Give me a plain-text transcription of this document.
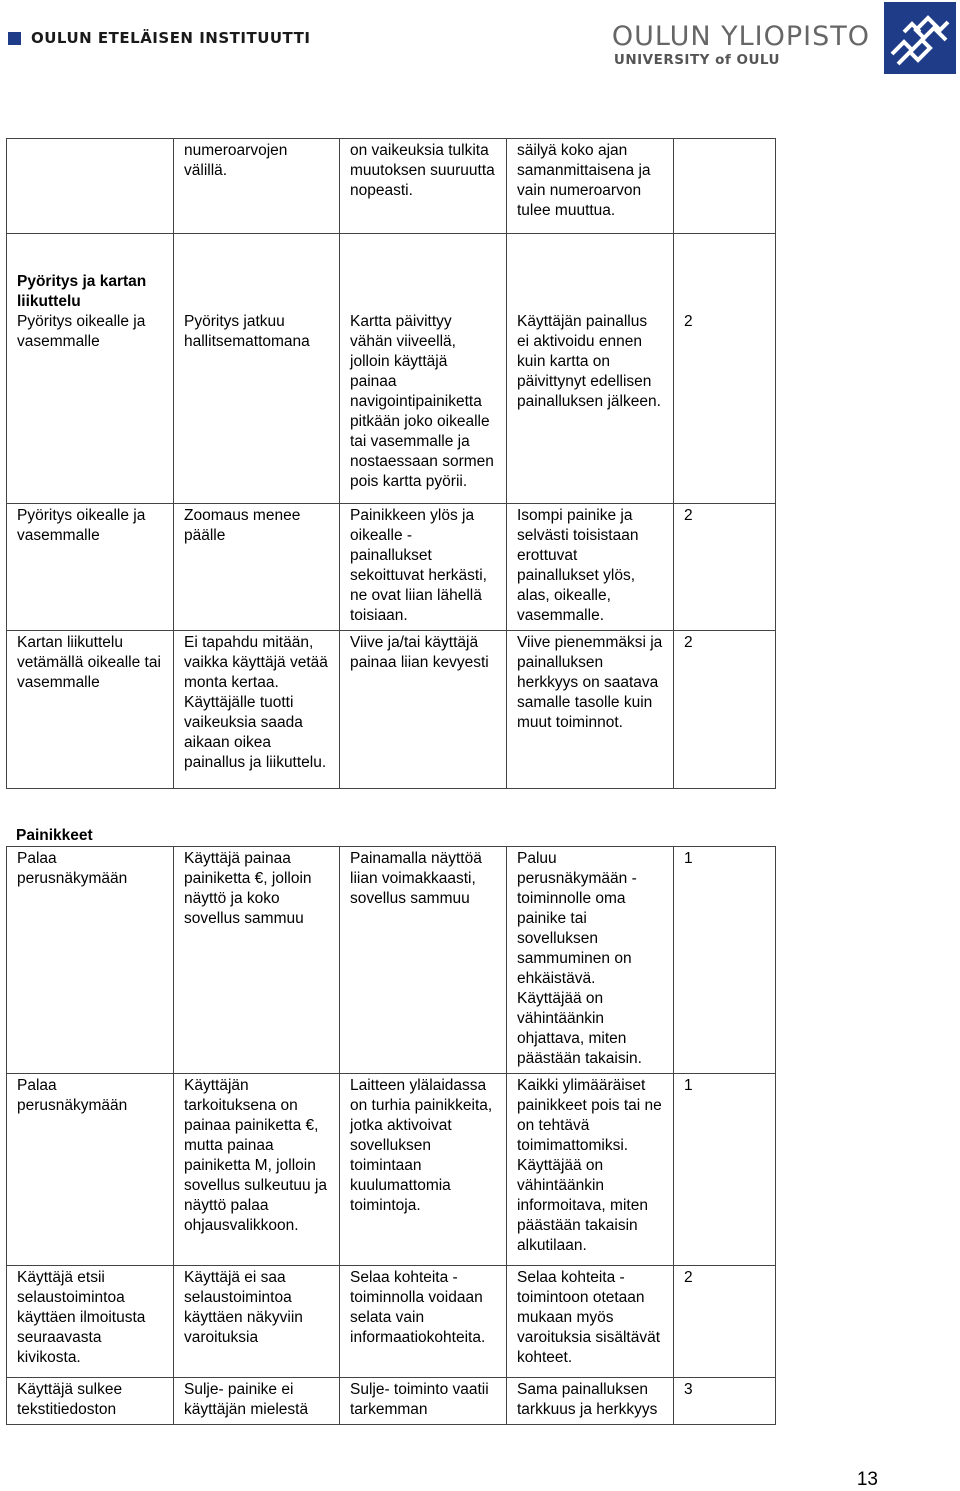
OULUN ETELÄISEN INSTITUUTTI	OULUN YLIOPISTO
UNIVERSITY of OULU
	numeroarvojen välillä.	on vaikeuksia tulkita muutoksen suuruutta nopeasti.	säilyä koko ajan samanmittaisena ja vain numeroarvon tulee muuttua.	

Pyöritys ja kartan liikuttelu
Pyöritys oikealle ja vasemmalle	Pyöritys jatkuu hallitsemattomana	Kartta päivittyy vähän viiveellä, jolloin käyttäjä painaa navigointipainiketta pitkään joko oikealle tai vasemmalle ja nostaessaan sormen pois kartta pyörii.	Käyttäjän painallus ei aktivoidu ennen kuin kartta on päivittynyt edellisen painalluksen jälkeen.	2
Pyöritys oikealle ja vasemmalle	Zoomaus menee päälle	Painikkeen ylös ja oikealle - painallukset sekoittuvat herkästi, ne ovat liian lähellä toisiaan.	Isompi painike ja selvästi toisistaan erottuvat painallukset ylös, alas, oikealle, vasemmalle.	2
Kartan liikuttelu vetämällä oikealle tai vasemmalle	Ei tapahdu mitään, vaikka käyttäjä vetää monta kertaa. Käyttäjälle tuotti vaikeuksia saada aikaan oikea painallus ja liikuttelu.	Viive ja/tai käyttäjä painaa liian kevyesti	Viive pienemmäksi ja painalluksen herkkyys on saatava samalle tasolle kuin muut toiminnot.	2
Painikkeet
Palaa perusnäkymään	Käyttäjä painaa painiketta €, jolloin näyttö ja koko sovellus sammuu	Painamalla näyttöä liian voimakkaasti, sovellus sammuu	Paluu perusnäkymään -toiminnolle oma painike tai sovelluksen sammuminen on ehkäistävä. Käyttäjää on vähintäänkin ohjattava, miten päästään takaisin.	1
Palaa perusnäkymään	Käyttäjän tarkoituksena on painaa painiketta €, mutta painaa painiketta M, jolloin sovellus sulkeutuu ja näyttö palaa ohjausvalikkoon.	Laitteen ylälaidassa on turhia painikkeita, jotka aktivoivat sovelluksen toimintaan kuulumattomia toimintoja.	Kaikki ylimääräiset painikkeet pois tai ne on tehtävä toimimattomiksi. Käyttäjää on vähintäänkin informoitava, miten päästään takaisin alkutilaan.	1
Käyttäjä etsii selaustoimintoa käyttäen ilmoitusta seuraavasta kivikosta.	Käyttäjä ei saa selaustoimintoa käyttäen näkyviin varoituksia	Selaa kohteita - toiminnolla voidaan selata vain informaatiokohteita.	Selaa kohteita - toimintoon otetaan mukaan myös varoituksia sisältävät kohteet.	2
Käyttäjä sulkee tekstitiedoston	Sulje- painike ei käyttäjän mielestä	Sulje- toiminto vaatii tarkemman	Sama painalluksen tarkkuus ja herkkyys	3
13
